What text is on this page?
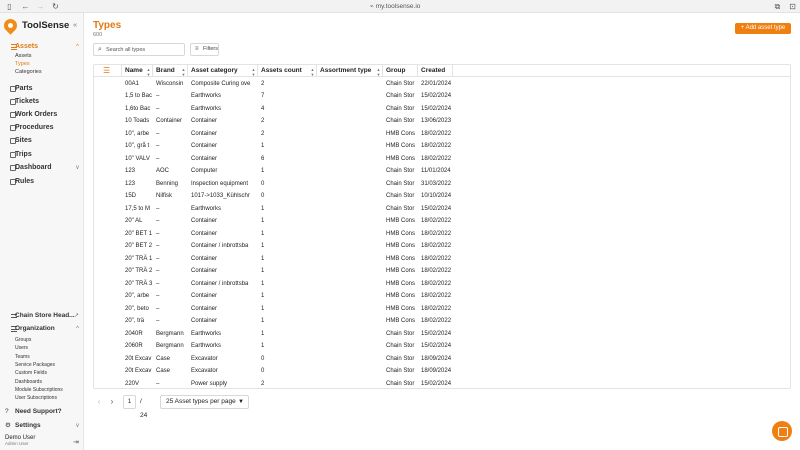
▯ ← → ↻	⌁ my.toolsense.io	⧉ ⊡
ToolSense «
Assets	^
Assets
Types
Categories
Parts
Tickets
Work Orders
Procedures
Sites
Trips
Dashboard	v
Rules
Chain Store Head... ↗
Organization	^
Groups
Users
Teams
Service Packages
Custom Fields
Dashboards
Module Subscriptions
User Subscriptions
? Need Support?
⚙ Settings	v
Demo User
Admin User	⇥
Types
600
+ Add asset type
⌕
Search all types	≡ Filters
☰	Name ▲▼ Brand ▲▼ Asset category	▲▼ Assets count ▲▼ Assortment type ▲▼ Group	Created
00A1	Wisconsin	Composite Curing ove	2	Chain Stor	22/01/2024
1,5 to Bac –	Earthworks	7	Chain Stor	15/02/2024
1,6to Bac –	Earthworks	4	Chain Stor	15/02/2024
10 Toads	Container	Container	2	Chain Stor	13/06/2023
10", arbe	–	Container	2	HMB Cons 18/02/2022
10", grå t	–	Container	1	HMB Cons 18/02/2022
10" VALV	–	Container	6	HMB Cons 18/02/2022
123	AOC	Computer	1	Chain Stor	11/01/2024
123	Benning	Inspection equipment	0	Chain Stor	31/03/2022
15D	Nilfisk	1017->1033_Kühlschr	0	Chain Stor	10/10/2024
17,5 to M –	Earthworks	1	Chain Stor	15/02/2024
20" AL	–	Container	1	HMB Cons 18/02/2022
20" BET 1 –	Container	1	HMB Cons 18/02/2022
20" BET 2 –	Container / inbrottsba	1	HMB Cons 18/02/2022
20" TRÄ 1 –	Container	1	HMB Cons 18/02/2022
20" TRÄ 2 –	Container	1	HMB Cons 18/02/2022
20" TRÄ 3 –	Container / inbrottsba	1	HMB Cons 18/02/2022
20", arbe	–	Container	1	HMB Cons 18/02/2022
20", beto	–	Container	1	HMB Cons 18/02/2022
20", trä	–	Container	1	HMB Cons 18/02/2022
2040R	Bergmann	Earthworks	1	Chain Stor	15/02/2024
2060R	Bergmann	Earthworks	1	Chain Stor	15/02/2024
20t Excav Case	Excavator	0	Chain Stor	18/09/2024
20t Excav Case	Excavator	0	Chain Stor	18/09/2024
220V	–	Power supply	2	Chain Stor	15/02/2024
‹	›	1	/ 24
25 Asset types per page ▼
